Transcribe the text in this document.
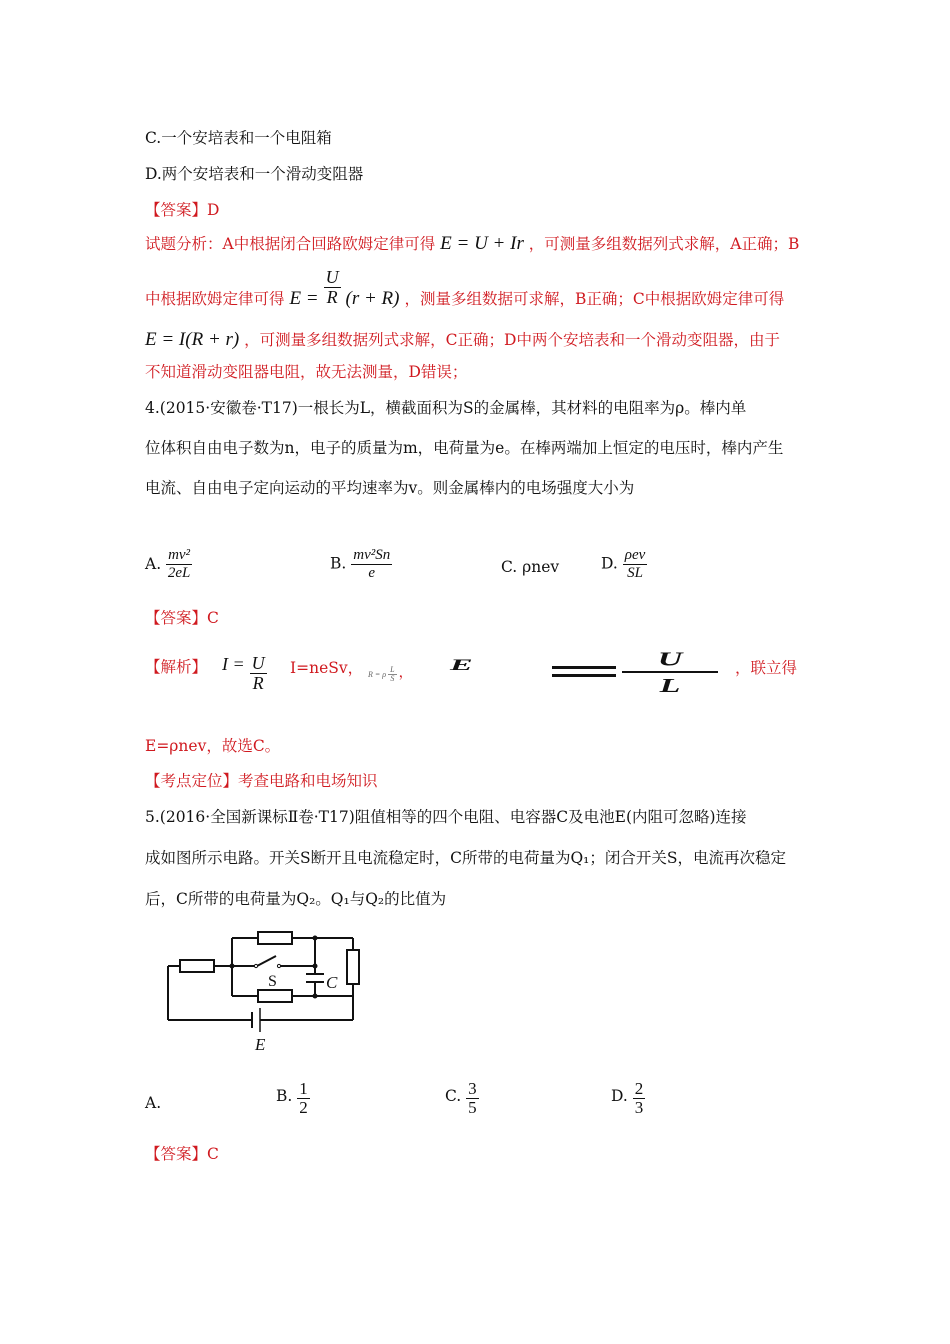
C.一个安培表和一个电阻箱
D.两个安培表和一个滑动变阻器
【答案】D
试题分析：A中根据闭合回路欧姆定律可得 E = U + Ir ，可测量多组数据列式求解，A正确；B
中根据欧姆定律可得 $E = \frac{U}{R} (r + R)$ ，测量多组数据可求解，B正确；C中根据欧姆定律可得
E = I(R + r) ，可测量多组数据列式求解，C正确；D中两个安培表和一个滑动变阻器，由于
不知道滑动变阻器电阻，故无法测量，D错误；
4.(2015·安徽卷·T17)一根长为L，横截面积为S的金属棒，其材料的电阻率为ρ。棒内单
位体积自由电子数为n，电子的质量为m，电荷量为e。在棒两端加上恒定的电压时，棒内产生
电流、自由电子定向运动的平均速率为v。则金属棒内的电场强度大小为
A. $\frac{\text{mv²}}{2eL}$	B. $\frac{\text{mv²Sn}}{e}$	C. ρnev	D. $\frac{\text{ρev}}{SL}$
【答案】C
【解析】 $I = \frac{U}{R}$ I=neSv， R = ρ $\frac{L}{S}$ ， E	U
L
，联立得
E=ρnev，故选C。
【考点定位】考查电路和电场知识
5.(2016·全国新课标Ⅱ卷·T17)阻值相等的四个电阻、电容器C及电池E(内阻可忽略)连接
成如图所示电路。开关S断开且电流稳定时，C所带的电荷量为Q₁；闭合开关S，电流再次稳定
后，C所带的电荷量为Q₂。Q₁与Q₂的比值为
S	C
E
A.	B. $\frac{1}{2}$	C. $\frac{3}{5}$	D. $\frac{2}{3}$
【答案】C
